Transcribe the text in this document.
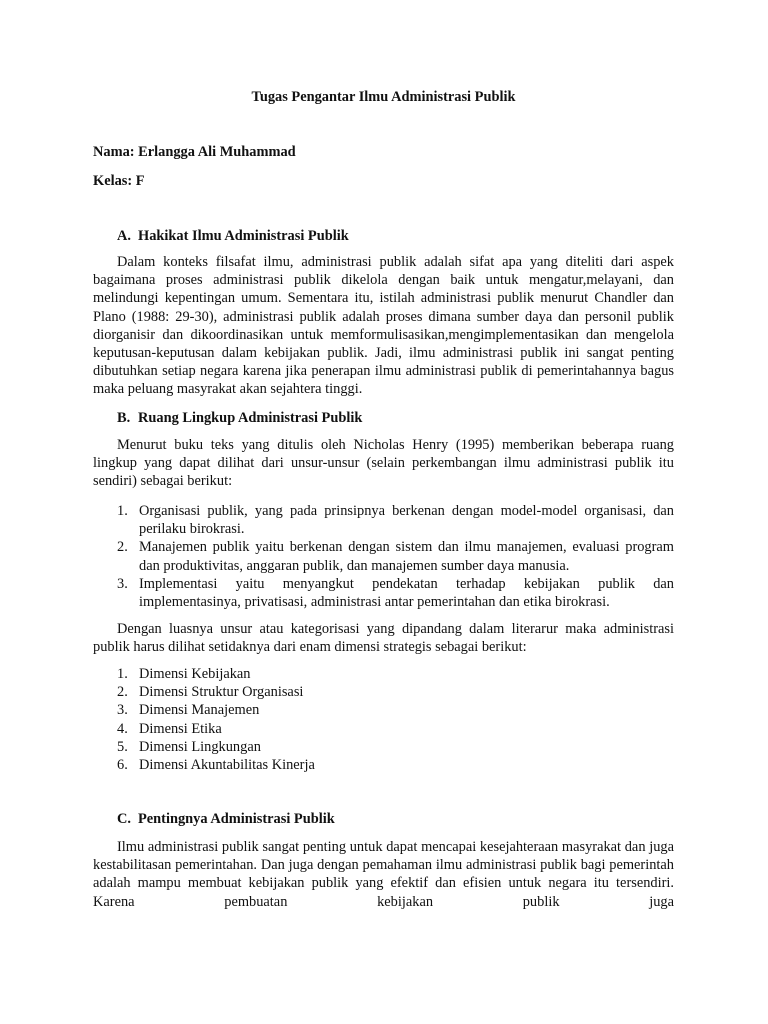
Tugas Pengantar Ilmu Administrasi Publik
Nama: Erlangga Ali Muhammad
Kelas: F
A. Hakikat Ilmu Administrasi Publik

Dalam konteks filsafat ilmu, administrasi publik adalah sifat apa yang diteliti dari aspek bagaimana proses administrasi publik dikelola dengan baik untuk mengatur,melayani, dan melindungi kepentingan umum. Sementara itu, istilah administrasi publik menurut Chandler dan Plano (1988: 29-30), administrasi publik adalah proses dimana sumber daya dan personil publik diorganisir dan dikoordinasikan untuk memformulisasikan,mengimplementasikan dan mengelola keputusan-keputusan dalam kebijakan publik. Jadi, ilmu administrasi publik ini sangat penting dibutuhkan setiap negara karena jika penerapan ilmu administrasi publik di pemerintahannya bagus maka peluang masyrakat akan sejahtera tinggi.

B. Ruang Lingkup Administrasi Publik

Menurut buku teks yang ditulis oleh Nicholas Henry (1995) memberikan beberapa ruang lingkup yang dapat dilihat dari unsur-unsur (selain perkembangan ilmu administrasi publik itu sendiri) sebagai berikut:

1. Organisasi publik, yang pada prinsipnya berkenan dengan model-model organisasi, dan perilaku birokrasi.
2. Manajemen publik yaitu berkenan dengan sistem dan ilmu manajemen, evaluasi program dan produktivitas, anggaran publik, dan manajemen sumber daya manusia.
3. Implementasi yaitu menyangkut pendekatan terhadap kebijakan publik dan implementasinya, privatisasi, administrasi antar pemerintahan dan etika birokrasi.

Dengan luasnya unsur atau kategorisasi yang dipandang dalam literarur maka administrasi publik harus dilihat setidaknya dari enam dimensi strategis sebagai berikut:

1. Dimensi Kebijakan
2. Dimensi Struktur Organisasi
3. Dimensi Manajemen
4. Dimensi Etika
5. Dimensi Lingkungan
6. Dimensi Akuntabilitas Kinerja
C. Pentingnya Administrasi Publik

Ilmu administrasi publik sangat penting untuk dapat mencapai kesejahteraan masyrakat dan juga kestabilitasan pemerintahan. Dan juga dengan pemahaman ilmu administrasi publik bagi pemerintah adalah mampu membuat kebijakan publik yang efektif dan efisien untuk negara itu tersendiri. Karena pembuatan kebijakan publik juga
